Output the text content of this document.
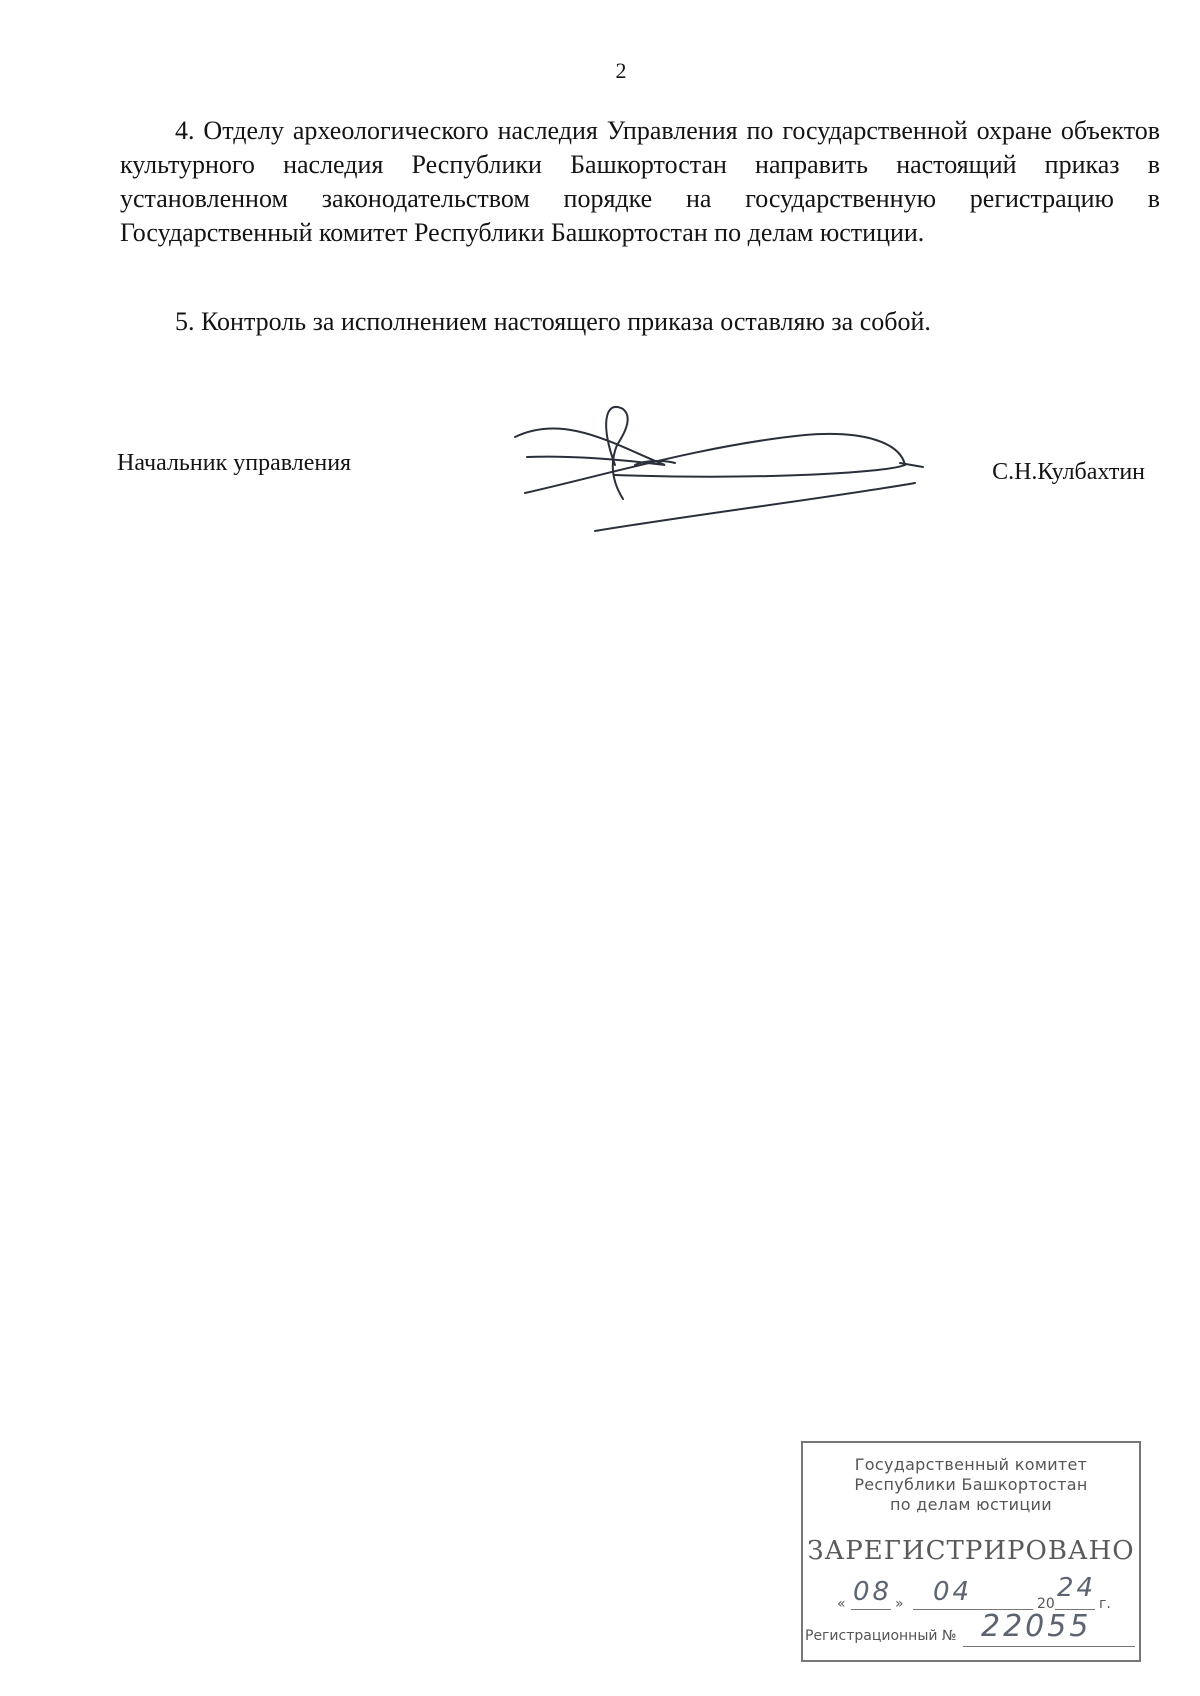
2

4. Отделу археологического наследия Управления по государственной охране объектов культурного наследия Республики Башкортостан направить настоящий приказ в установленном законодательством порядке на государственную регистрацию в Государственный комитет Республики Башкортостан по делам юстиции.

5. Контроль за исполнением настоящего приказа оставляю за собой.

Начальник управления	С.Н.Кулбахтин
Государственный комитет
Республики Башкортостан
по делам юстиции
ЗАРЕГИСТРИРОВАНО
« 08 » 04	20
24
г.
Регистрационный № 22055
